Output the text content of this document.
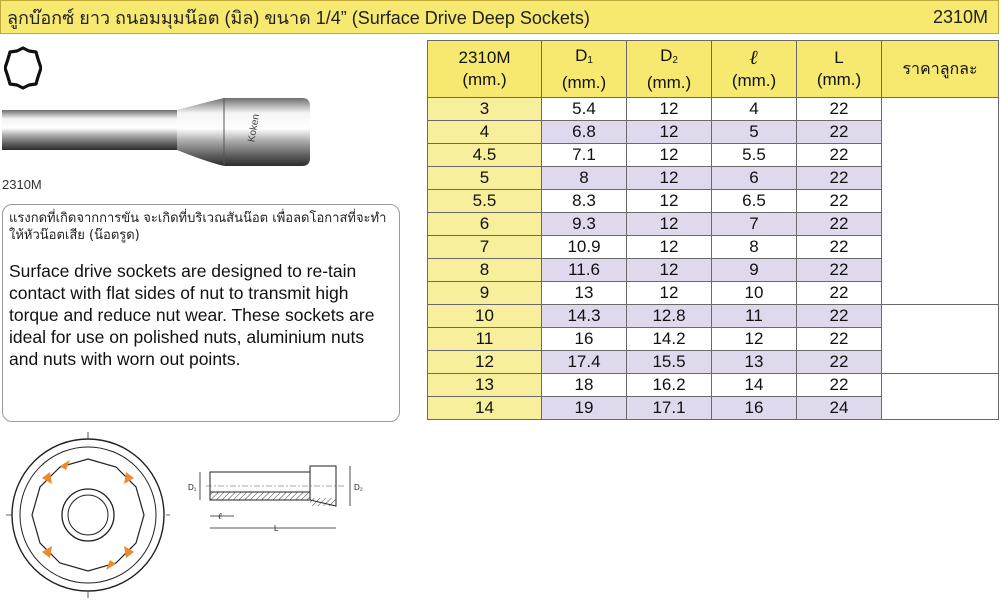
ลูกบ๊อกซ์ ยาว ถนอมมุมน๊อต (มิล) ขนาด 1/4” (Surface Drive Deep Sockets)	2310M
Koken
2310M
แรงกดที่เกิดจากการขัน จะเกิดที่บริเวณสันน๊อต เพื่อลดโอกาสที่จะทำให้หัวน๊อตเสีย (น๊อตรูด)
Surface drive sockets are designed to re-tain contact with flat sides of nut to transmit high torque and reduce nut wear. These sockets are ideal for use on polished nuts, aluminium nuts and nuts with worn out points.
D₁	D₂
ℓ
L
2310M
(mm.)	$D_1$
(mm.)	$D_2$
(mm.)	ℓ
(mm.)	L
(mm.)	ราคาลูกละ
3	5.4	12	4	22	
4	6.8	12	5	22	
4.5	7.1	12	5.5	22	
5	8	12	6	22	
5.5	8.3	12	6.5	22	
6	9.3	12	7	22	
7	10.9	12	8	22	
8	11.6	12	9	22	
9	13	12	10	22	
10	14.3	12.8	11	22	
11	16	14.2	12	22	
12	17.4	15.5	13	22	
13	18	16.2	14	22	
14	19	17.1	16	24	
